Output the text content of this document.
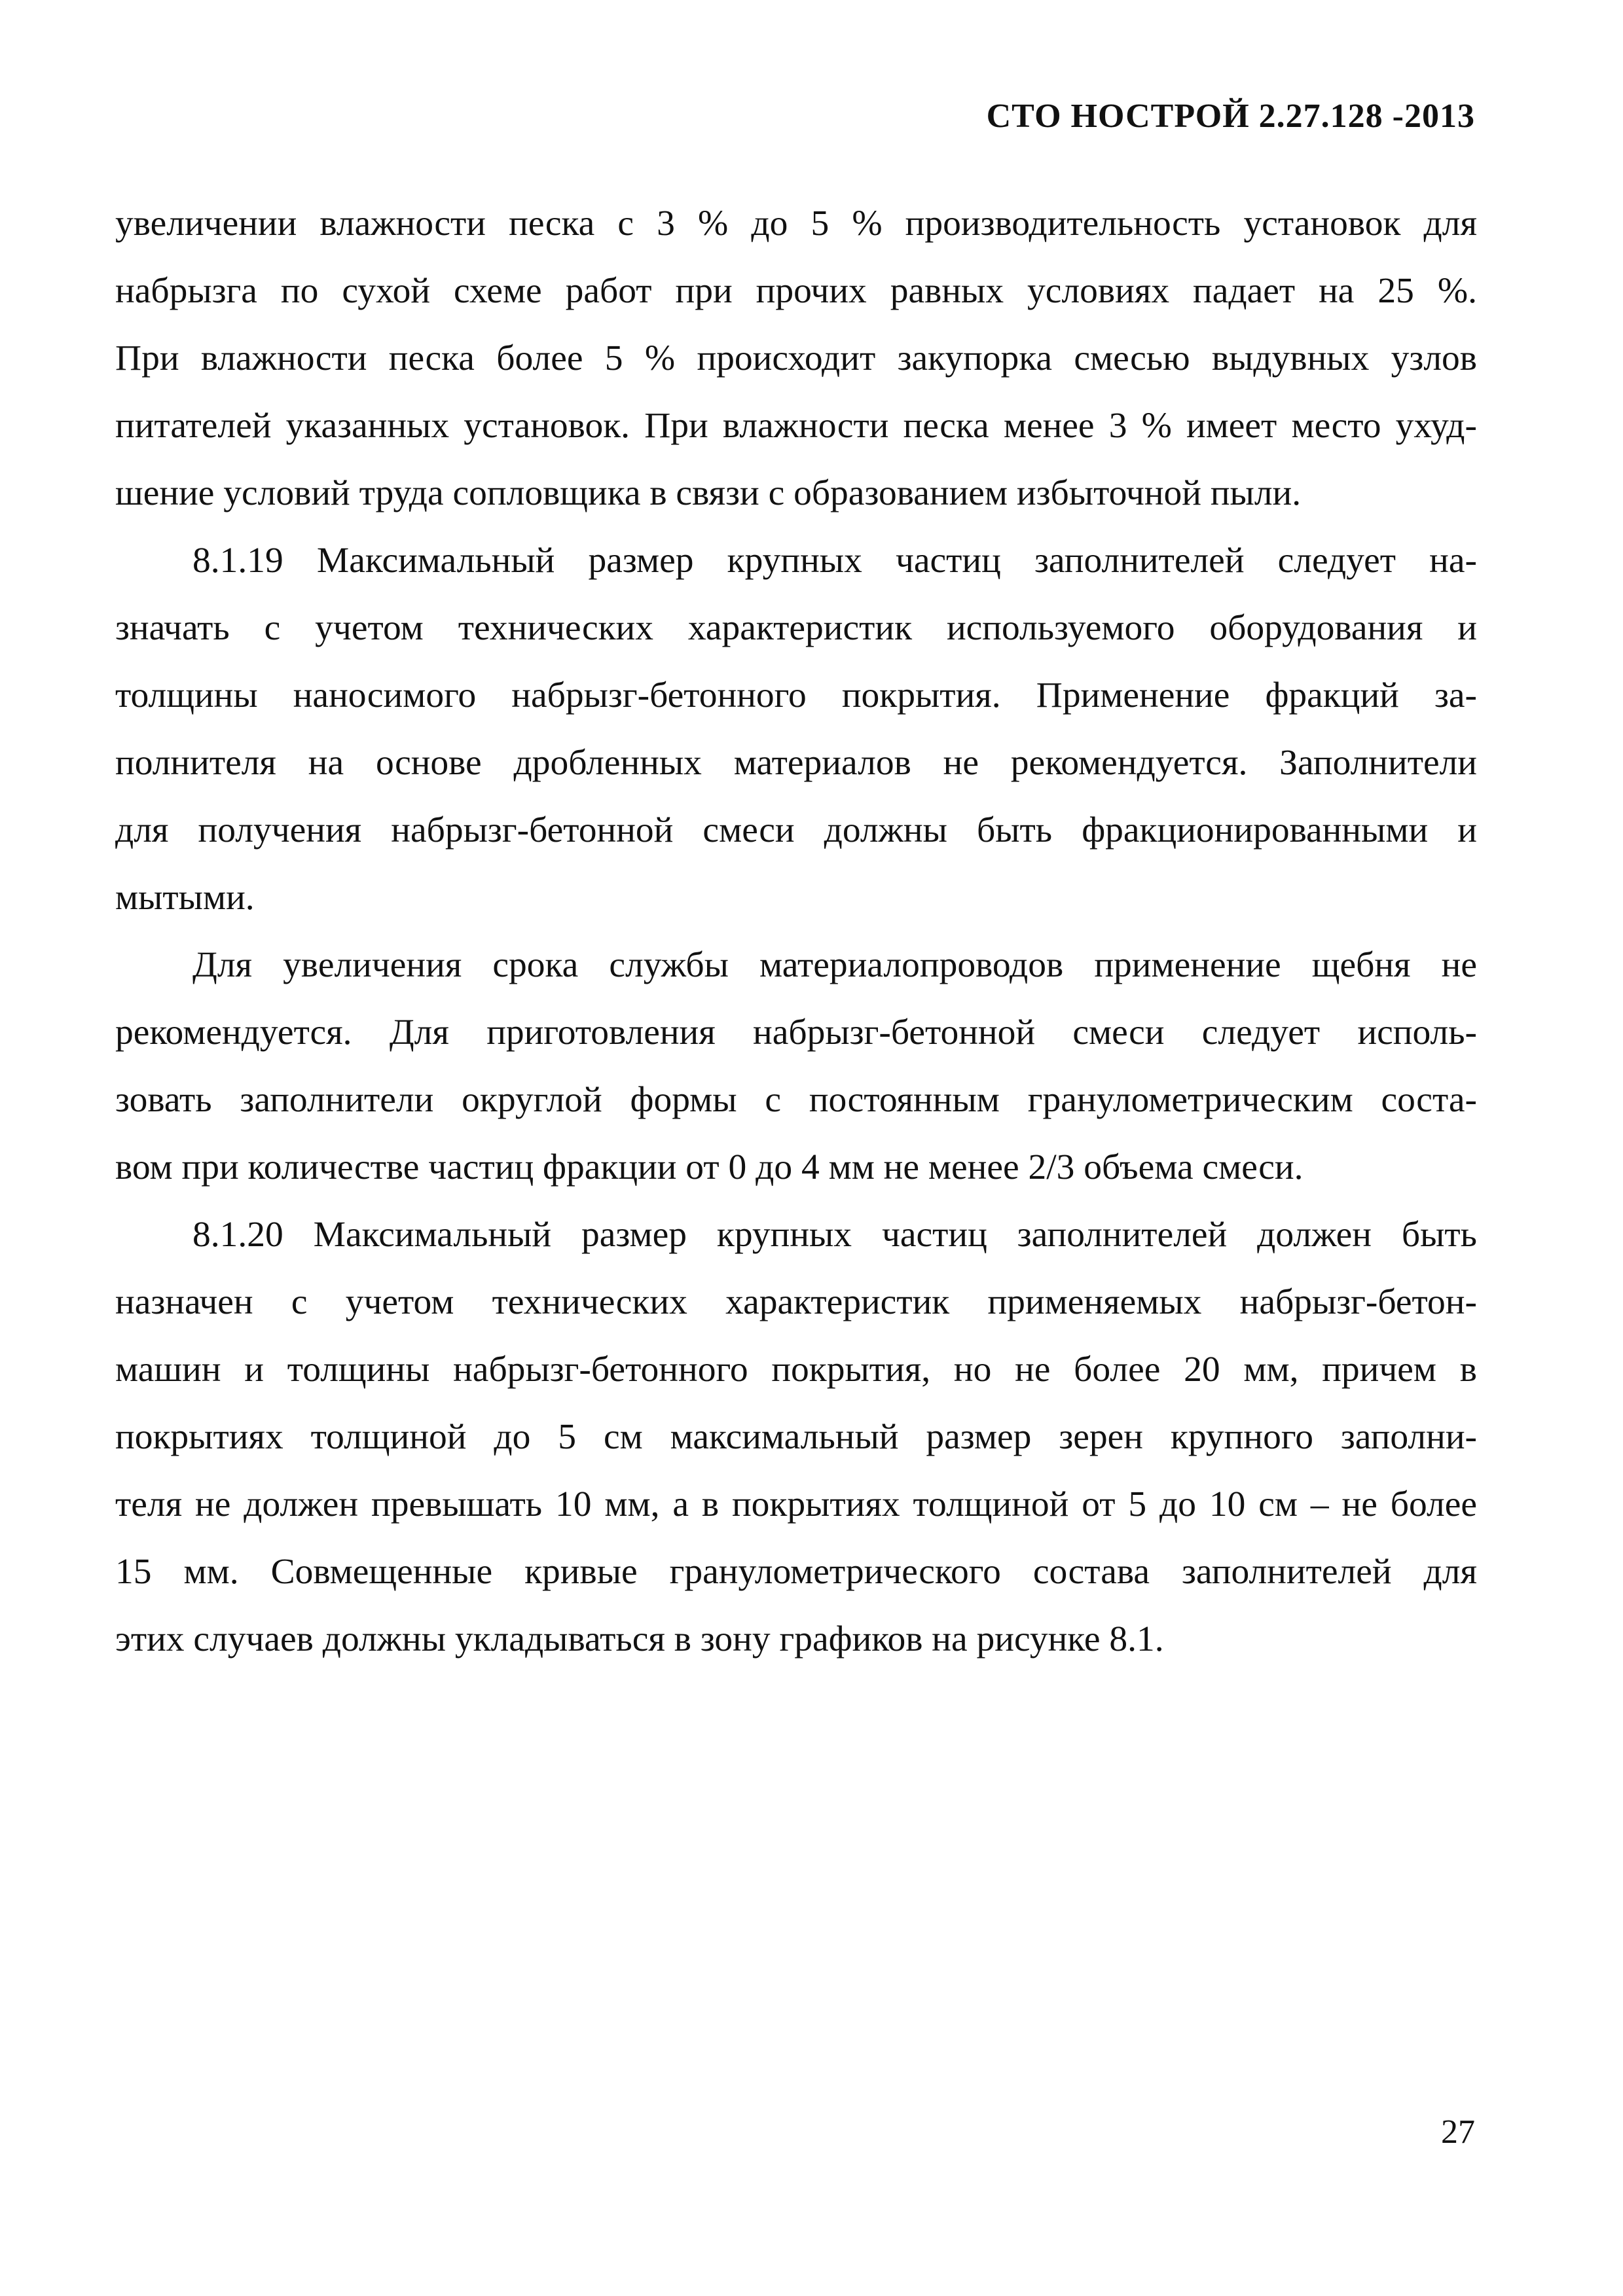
СТО НОСТРОЙ 2.27.128 -2013
увеличении влажности песка с 3 % до 5 % производительность установок для
набрызга по сухой схеме работ при прочих равных условиях падает на 25 %.
При влажности песка более 5 % происходит закупорка смесью выдувных узлов
питателей указанных установок. При влажности песка менее 3 % имеет место ухуд-
шение условий труда сопловщика в связи с образованием избыточной пыли.
8.1.19 Максимальный размер крупных частиц заполнителей следует на-
значать с учетом технических характеристик используемого оборудования и
толщины наносимого набрызг-бетонного покрытия. Применение фракций за-
полнителя на основе дробленных материалов не рекомендуется. Заполнители
для получения набрызг-бетонной смеси должны быть фракционированными и
мытыми.
Для увеличения срока службы материалопроводов применение щебня не
рекомендуется. Для приготовления набрызг-бетонной смеси следует исполь-
зовать заполнители округлой формы с постоянным гранулометрическим соста-
вом при количестве частиц фракции от 0 до 4 мм не менее 2/3 объема смеси.
8.1.20 Максимальный размер крупных частиц заполнителей должен быть
назначен с учетом технических характеристик применяемых набрызг-бетон-
машин и толщины набрызг-бетонного покрытия, но не более 20 мм, причем в
покрытиях толщиной до 5 см максимальный размер зерен крупного заполни-
теля не должен превышать 10 мм, а в покрытиях толщиной от 5 до 10 см – не более
15 мм. Совмещенные кривые гранулометрического состава заполнителей для
этих случаев должны укладываться в зону графиков на рисунке 8.1.
27
